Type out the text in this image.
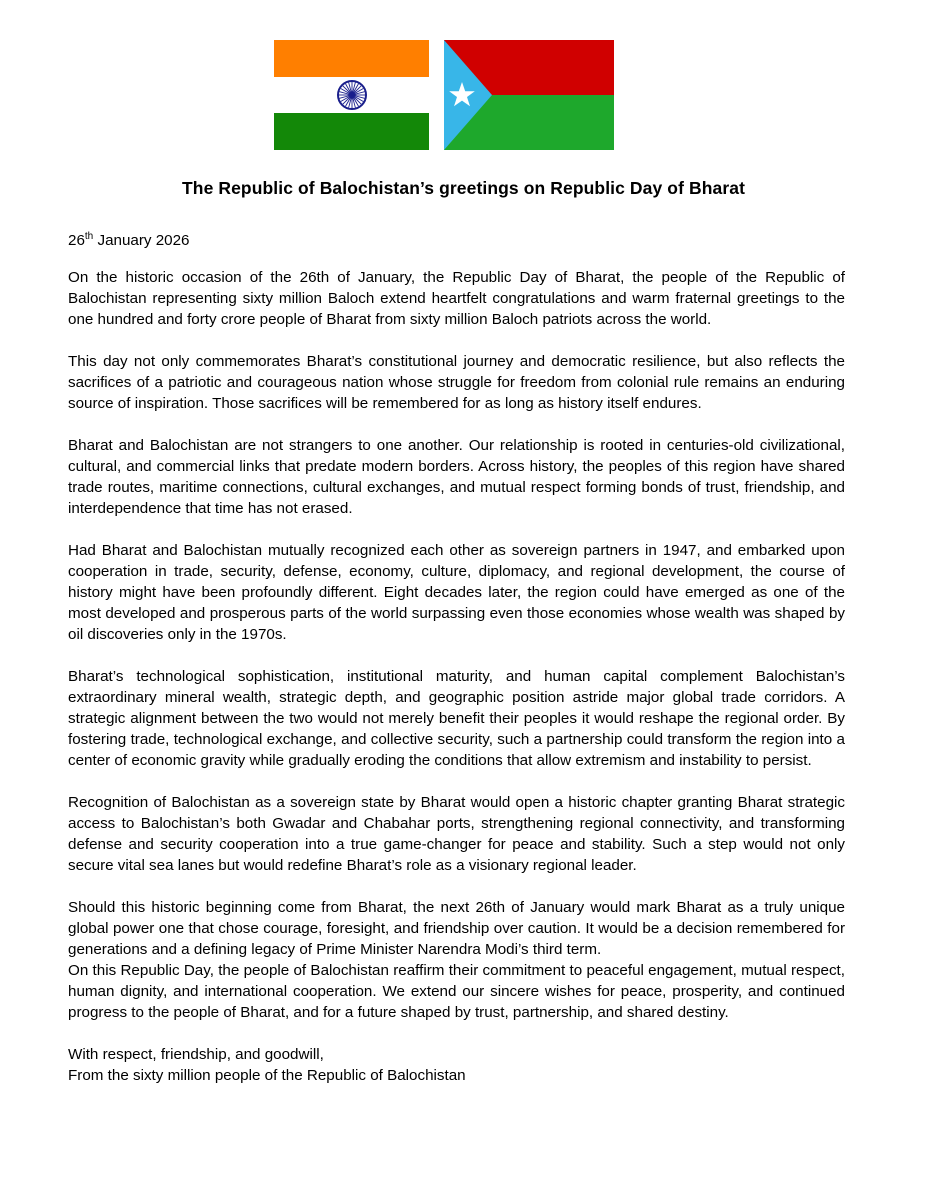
The Republic of Balochistan’s greetings on Republic Day of Bharat

26th January 2026

On the historic occasion of the 26th of January, the Republic Day of Bharat, the people of the Republic of Balochistan representing sixty million Baloch extend heartfelt congratulations and warm fraternal greetings to the one hundred and forty crore people of Bharat from sixty million Baloch patriots across the world.

This day not only commemorates Bharat’s constitutional journey and democratic resilience, but also reflects the sacrifices of a patriotic and courageous nation whose struggle for freedom from colonial rule remains an enduring source of inspiration. Those sacrifices will be remembered for as long as history itself endures.

Bharat and Balochistan are not strangers to one another. Our relationship is rooted in centuries-old civilizational, cultural, and commercial links that predate modern borders. Across history, the peoples of this region have shared trade routes, maritime connections, cultural exchanges, and mutual respect forming bonds of trust, friendship, and interdependence that time has not erased.

Had Bharat and Balochistan mutually recognized each other as sovereign partners in 1947, and embarked upon cooperation in trade, security, defense, economy, culture, diplomacy, and regional development, the course of history might have been profoundly different. Eight decades later, the region could have emerged as one of the most developed and prosperous parts of the world surpassing even those economies whose wealth was shaped by oil discoveries only in the 1970s.

Bharat’s technological sophistication, institutional maturity, and human capital complement Balochistan’s extraordinary mineral wealth, strategic depth, and geographic position astride major global trade corridors. A strategic alignment between the two would not merely benefit their peoples it would reshape the regional order. By fostering trade, technological exchange, and collective security, such a partnership could transform the region into a center of economic gravity while gradually eroding the conditions that allow extremism and instability to persist.

Recognition of Balochistan as a sovereign state by Bharat would open a historic chapter granting Bharat strategic access to Balochistan’s both Gwadar and Chabahar ports, strengthening regional connectivity, and transforming defense and security cooperation into a true game-changer for peace and stability. Such a step would not only secure vital sea lanes but would redefine Bharat’s role as a visionary regional leader.

Should this historic beginning come from Bharat, the next 26th of January would mark Bharat as a truly unique global power one that chose courage, foresight, and friendship over caution. It would be a decision remembered for generations and a defining legacy of Prime Minister Narendra Modi’s third term.

On this Republic Day, the people of Balochistan reaffirm their commitment to peaceful engagement, mutual respect, human dignity, and international cooperation. We extend our sincere wishes for peace, prosperity, and continued progress to the people of Bharat, and for a future shaped by trust, partnership, and shared destiny.

With respect, friendship, and goodwill,

From the sixty million people of the Republic of Balochistan
